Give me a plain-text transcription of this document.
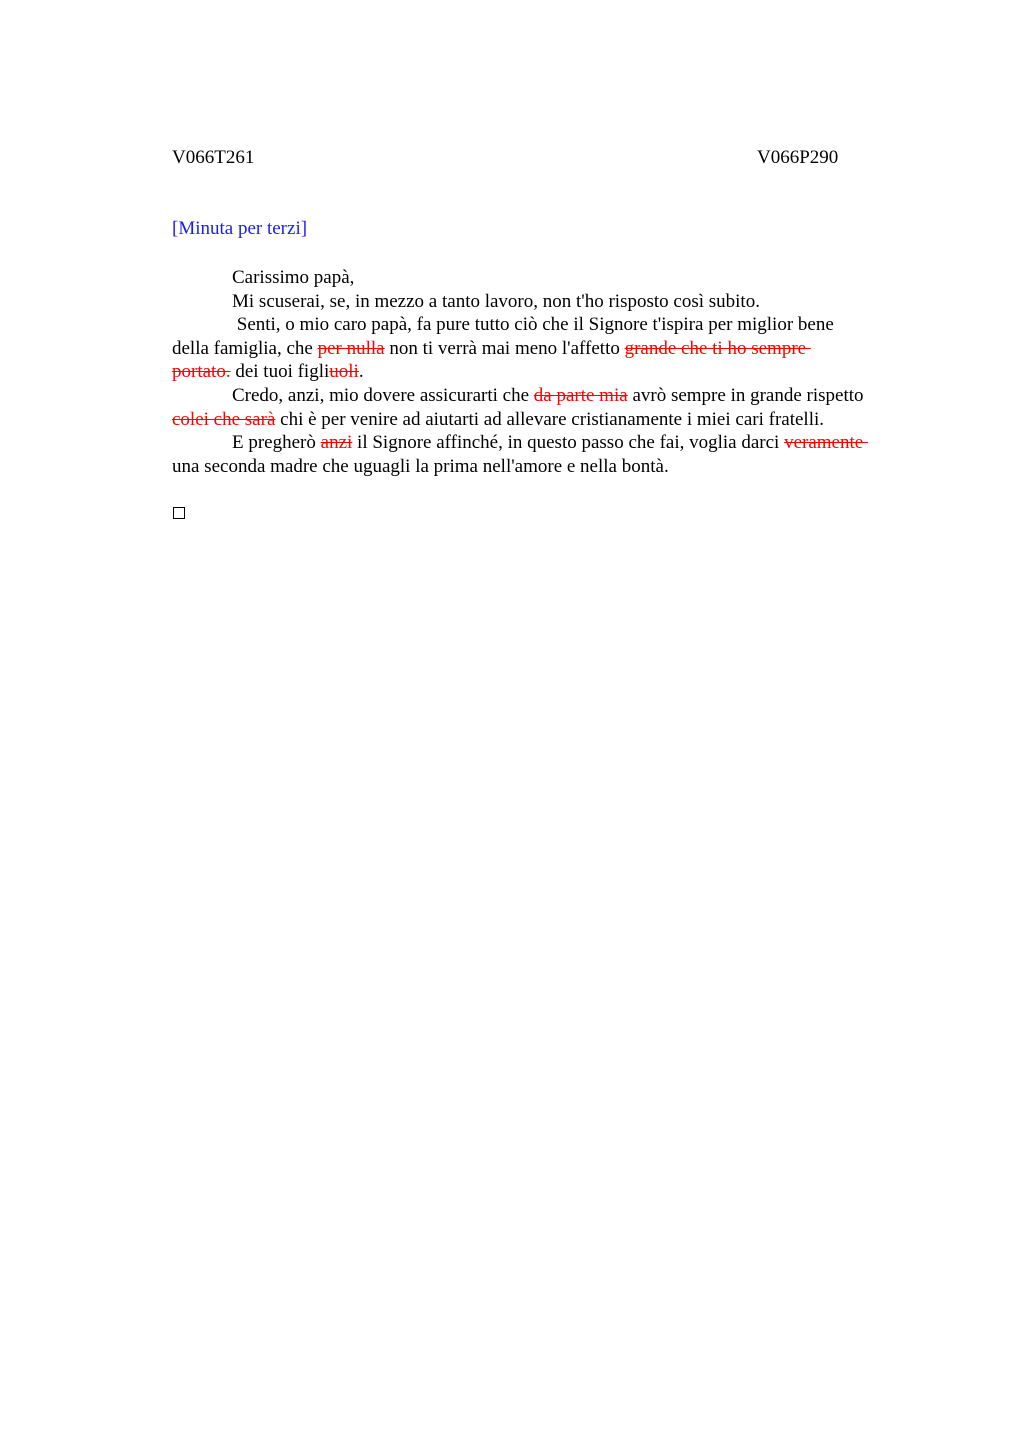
V066T261	V066P290
[Minuta per terzi]
Carissimo papà,
Mi scuserai, se, in mezzo a tanto lavoro, non t'ho risposto così subito.
Senti, o mio caro papà, fa pure tutto ciò che il Signore t'ispira per miglior bene
della famiglia, che per nulla non ti verrà mai meno l'affetto grande che ti ho sempre
portato. dei tuoi figliuoli.
Credo, anzi, mio dovere assicurarti che da parte mia avrò sempre in grande rispetto
colei che sarà chi è per venire ad aiutarti ad allevare cristianamente i miei cari fratelli.
E pregherò anzi il Signore affinché, in questo passo che fai, voglia darci veramente
una seconda madre che uguagli la prima nell'amore e nella bontà.
